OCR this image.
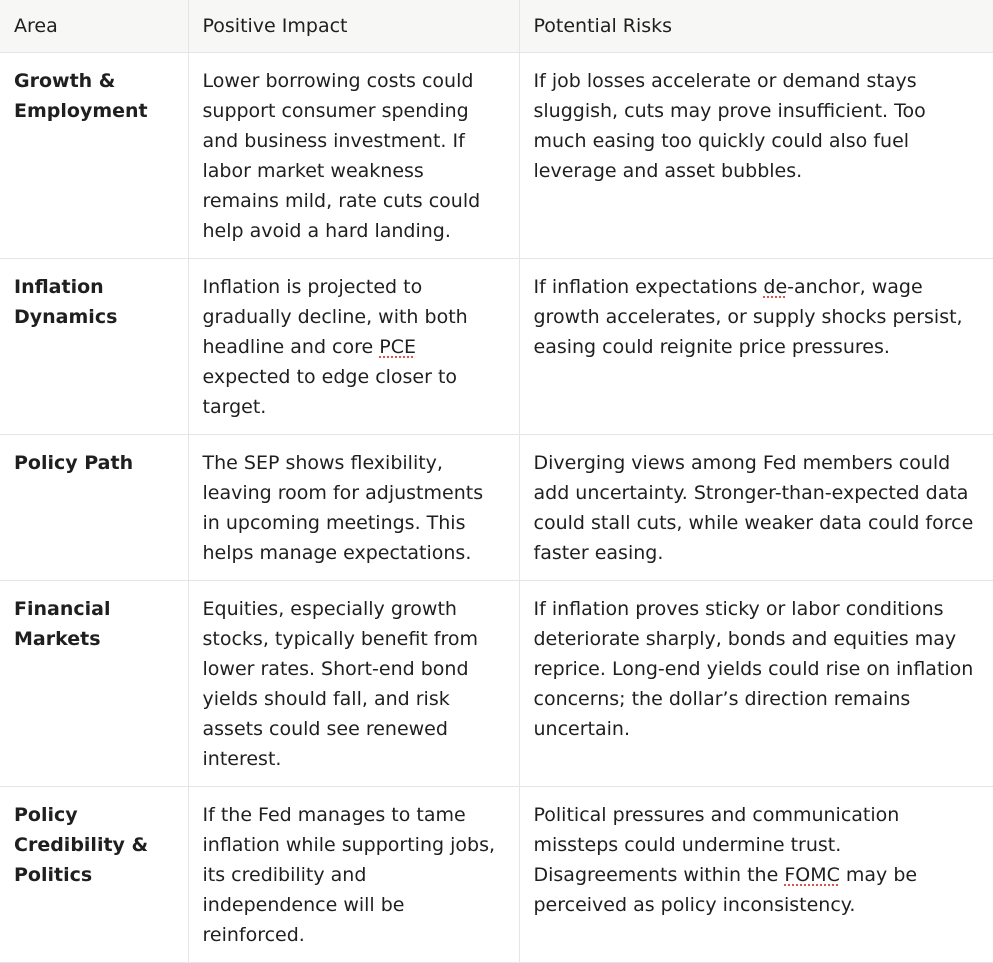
Area	Positive Impact	Potential Risks
Growth & Employment	Lower borrowing costs could support consumer spending and business investment. If labor market weakness remains mild, rate cuts could help avoid a hard landing.	If job losses accelerate or demand stays sluggish, cuts may prove insufficient. Too much easing too quickly could also fuel leverage and asset bubbles.
Inflation Dynamics	Inflation is projected to gradually decline, with both headline and core PCE expected to edge closer to target.	If inflation expectations de-anchor, wage growth accelerates, or supply shocks persist, easing could reignite price pressures.
Policy Path	The SEP shows flexibility, leaving room for adjustments in upcoming meetings. This helps manage expectations.	Diverging views among Fed members could add uncertainty. Stronger-than-expected data could stall cuts, while weaker data could force faster easing.
Financial Markets	Equities, especially growth stocks, typically benefit from lower rates. Short-end bond yields should fall, and risk assets could see renewed interest.	If inflation proves sticky or labor conditions deteriorate sharply, bonds and equities may reprice. Long-end yields could rise on inflation concerns; the dollar’s direction remains uncertain.
Policy Credibility & Politics	If the Fed manages to tame inflation while supporting jobs, its credibility and independence will be reinforced.	Political pressures and communication missteps could undermine trust. Disagreements within the FOMC may be perceived as policy inconsistency.
